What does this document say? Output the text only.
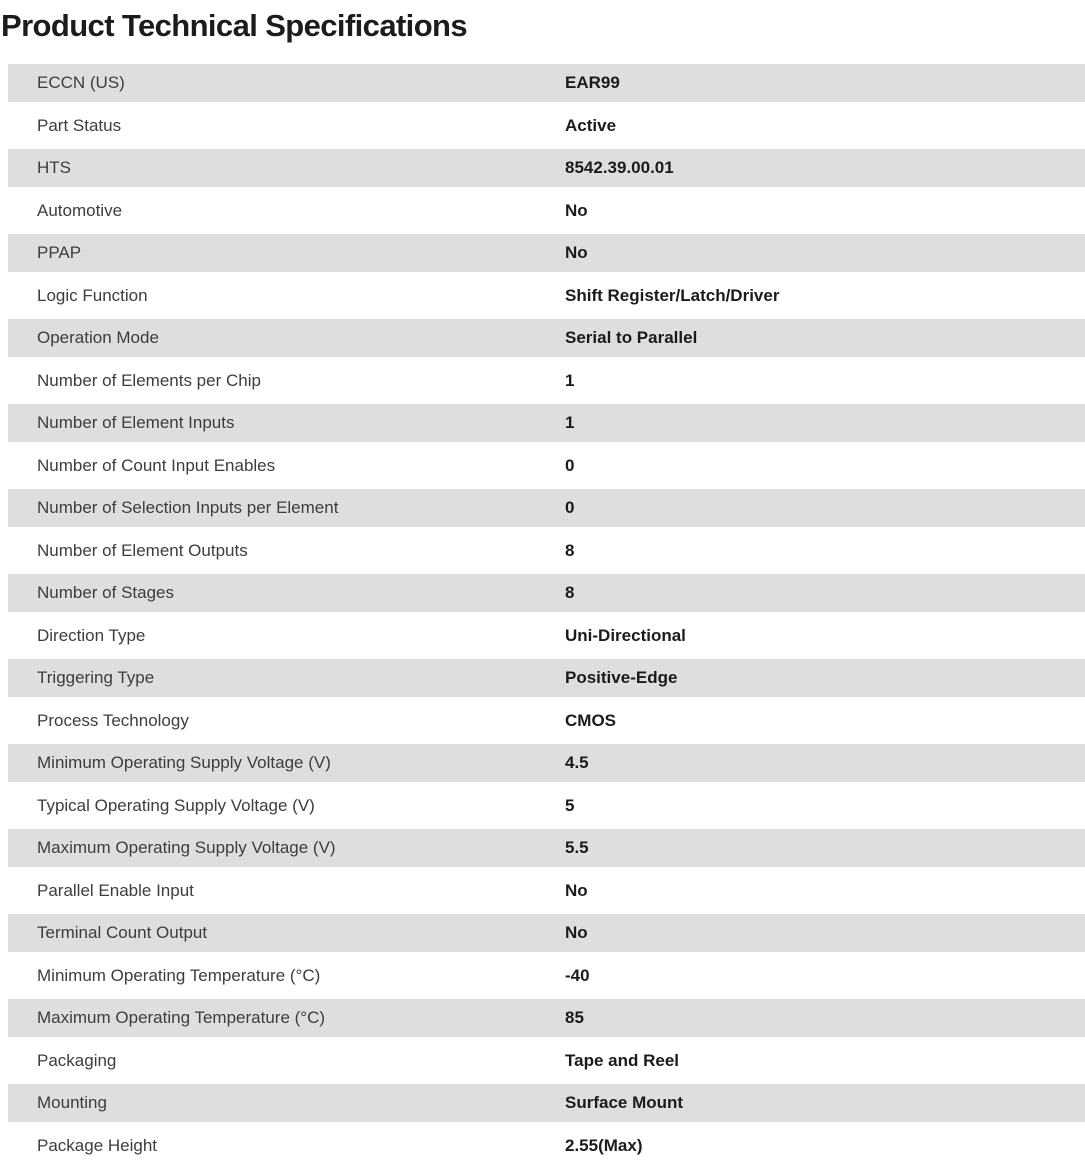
Product Technical Specifications
ECCN (US)	EAR99
Part Status	Active
HTS	8542.39.00.01
Automotive	No
PPAP	No
Logic Function	Shift Register/Latch/Driver
Operation Mode	Serial to Parallel
Number of Elements per Chip	1
Number of Element Inputs	1
Number of Count Input Enables	0
Number of Selection Inputs per Element	0
Number of Element Outputs	8
Number of Stages	8
Direction Type	Uni-Directional
Triggering Type	Positive-Edge
Process Technology	CMOS
Minimum Operating Supply Voltage (V)	4.5
Typical Operating Supply Voltage (V)	5
Maximum Operating Supply Voltage (V)	5.5
Parallel Enable Input	No
Terminal Count Output	No
Minimum Operating Temperature (°C)	-40
Maximum Operating Temperature (°C)	85
Packaging	Tape and Reel
Mounting	Surface Mount
Package Height	2.55(Max)
